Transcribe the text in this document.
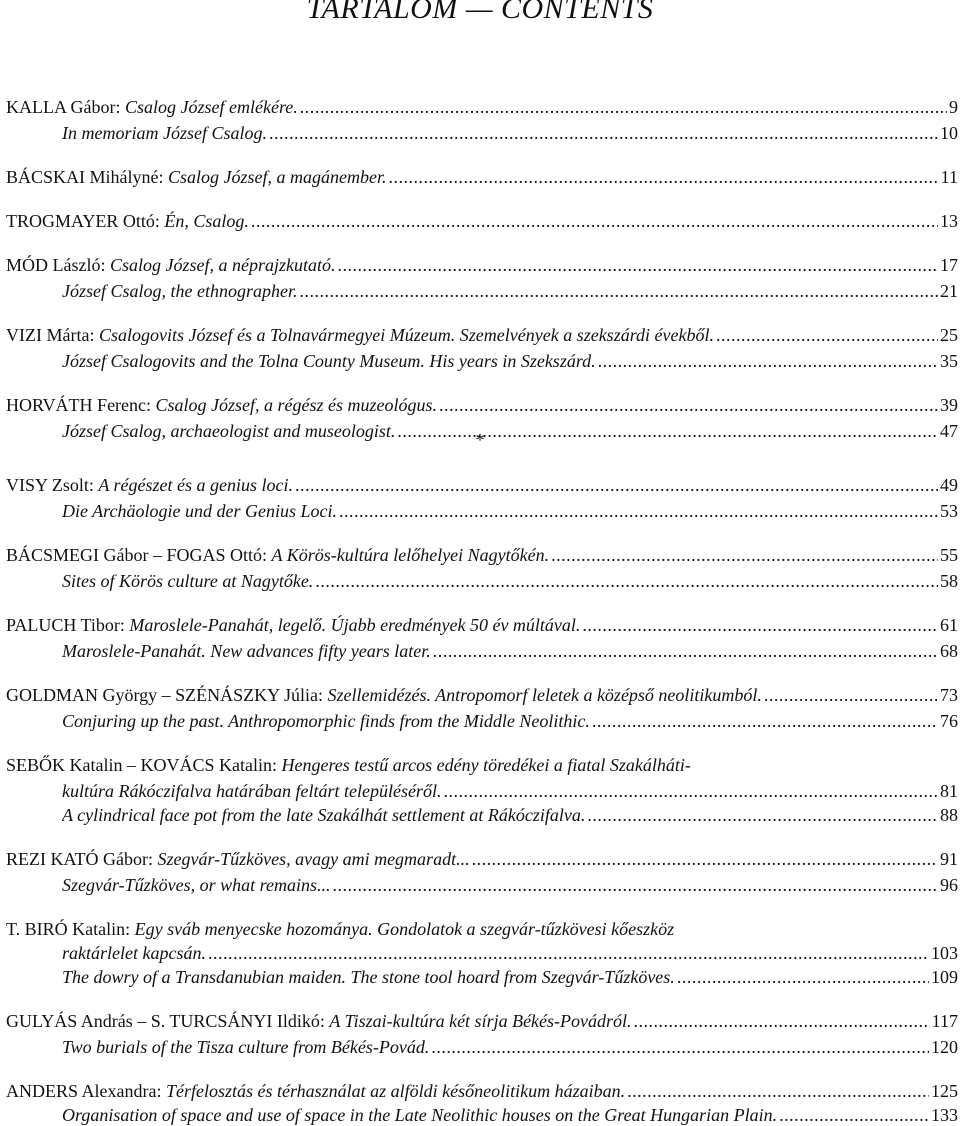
TARTALOM — CONTENTS
*
KALLA Gábor: Csalog József emlékére. .....	9
In memoriam József Csalog. .....	10
BÁCSKAI Mihályné: Csalog József, a magánember. .....	11
TROGMAYER Ottó: Én, Csalog. .....	13
MÓD László: Csalog József, a néprajzkutató. .....	17
József Csalog, the ethnographer. .....	21
VIZI Márta: Csalogovits József és a Tolnavármegyei Múzeum. Szemelvények a szekszárdi évekből. .....	25
József Csalogovits and the Tolna County Museum. His years in Szekszárd. .....	35
HORVÁTH Ferenc: Csalog József, a régész és muzeológus. .....	39
József Csalog, archaeologist and museologist. .....	47
VISY Zsolt: A régészet és a genius loci. .....	49
Die Archäologie und der Genius Loci. .....	53
BÁCSMEGI Gábor – FOGAS Ottó: A Körös-kultúra lelőhelyei Nagytőkén. .....	55
Sites of Körös culture at Nagytőke. .....	58
PALUCH Tibor: Maroslele-Panahát, legelő. Újabb eredmények 50 év múltával. .....	61
Maroslele-Panahát. New advances fifty years later. .....	68
GOLDMAN György – SZÉNÁSZKY Júlia: Szellemidézés. Antropomorf leletek a középső neolitikumból. .....	73
Conjuring up the past. Anthropomorphic finds from the Middle Neolithic. .....	76
SEBŐK Katalin – KOVÁCS Katalin: Hengeres testű arcos edény töredékei a fiatal Szakálháti-
kultúra Rákóczifalva határában feltárt településéről. .....	81
A cylindrical face pot from the late Szakálhát settlement at Rákóczifalva. .....	88
REZI KATÓ Gábor: Szegvár-Tűzköves, avagy ami megmaradt... .....	91
Szegvár-Tűzköves, or what remains... .....	96
T. BIRÓ Katalin: Egy sváb menyecske hozománya. Gondolatok a szegvár-tűzkövesi kőeszköz
raktárlelet kapcsán. .....	103
The dowry of a Transdanubian maiden. The stone tool hoard from Szegvár-Tűzköves. .....	109
GULYÁS András – S. TURCSÁNYI Ildikó: A Tiszai-kultúra két sírja Békés-Povádról. .....	117
Two burials of the Tisza culture from Békés-Povád. .....	120
ANDERS Alexandra: Térfelosztás és térhasználat az alföldi későneolitikum házaiban. .....	125
Organisation of space and use of space in the Late Neolithic houses on the Great Hungarian Plain. .....	133
